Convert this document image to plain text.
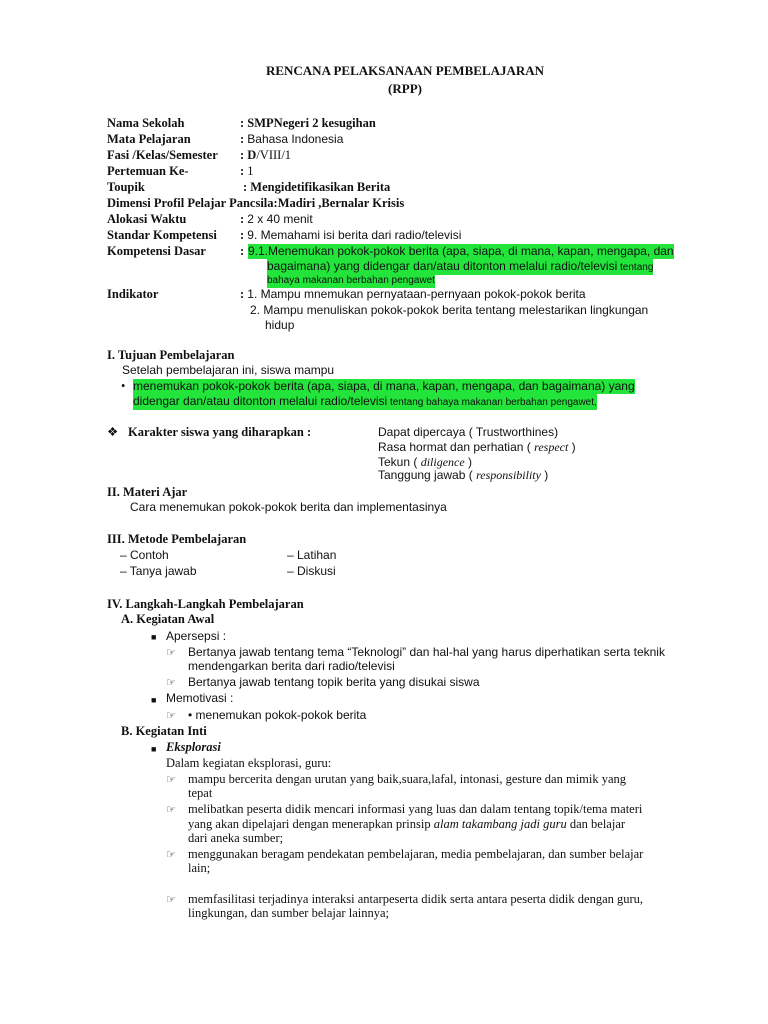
RENCANA PELAKSANAAN PEMBELAJARAN
(RPP)
Nama Sekolah	: SMPNegeri 2 kesugihan
Mata Pelajaran	: Bahasa Indonesia
Fasi /Kelas/Semester : D/VIII/1
Pertemuan Ke-	: 1
Toupik	: Mengidetifikasikan Berita
Dimensi Profil Pelajar Pancsila:Madiri ,Bernalar Krisis
Alokasi Waktu	: 2 x 40 menit
Standar Kompetensi : 9. Memahami isi berita dari radio/televisi
Kompetensi Dasar	: 9.1.Menemukan pokok-pokok berita (apa, siapa, di mana, kapan, mengapa, dan
bagaimana) yang didengar dan/atau ditonton melalui radio/televisi tentang
bahaya makanan berbahan pengawet
Indikator	: 1. Mampu mnemukan pernyataan-pernyaan pokok-pokok berita
2. Mampu menuliskan pokok-pokok berita tentang melestarikan lingkungan
hidup
I. Tujuan Pembelajaran
Setelah pembelajaran ini, siswa mampu
• menemukan pokok-pokok berita (apa, siapa, di mana, kapan, mengapa, dan bagaimana) yang
didengar dan/atau ditonton melalui radio/televisi tentang bahaya makanan berbahan pengawet,
❖ Karakter siswa yang diharapkan :	Dapat dipercaya ( Trustworthines)
Rasa hormat dan perhatian ( respect )
Tekun ( diligence )
Tanggung jawab ( responsibility )
II. Materi Ajar
Cara menemukan pokok-pokok berita dan implementasinya
III. Metode Pembelajaran
– Contoh	– Latihan
– Tanya jawab	– Diskusi
IV. Langkah-Langkah Pembelajaran
A. Kegiatan Awal
■ Apersepsi :
☞ Bertanya jawab tentang tema “Teknologi” dan hal-hal yang harus diperhatikan serta teknik
mendengarkan berita dari radio/televisi
☞ Bertanya jawab tentang topik berita yang disukai siswa
■ Memotivasi :
☞ • menemukan pokok-pokok berita
B. Kegiatan Inti
■ Eksplorasi
Dalam kegiatan eksplorasi, guru:
☞ mampu bercerita dengan urutan yang baik,suara,lafal, intonasi, gesture dan mimik yang
tepat
☞ melibatkan peserta didik mencari informasi yang luas dan dalam tentang topik/tema materi
yang akan dipelajari dengan menerapkan prinsip alam takambang jadi guru dan belajar
dari aneka sumber;
☞ menggunakan beragam pendekatan pembelajaran, media pembelajaran, dan sumber belajar
lain;
☞ memfasilitasi terjadinya interaksi antarpeserta didik serta antara peserta didik dengan guru,
lingkungan, dan sumber belajar lainnya;
